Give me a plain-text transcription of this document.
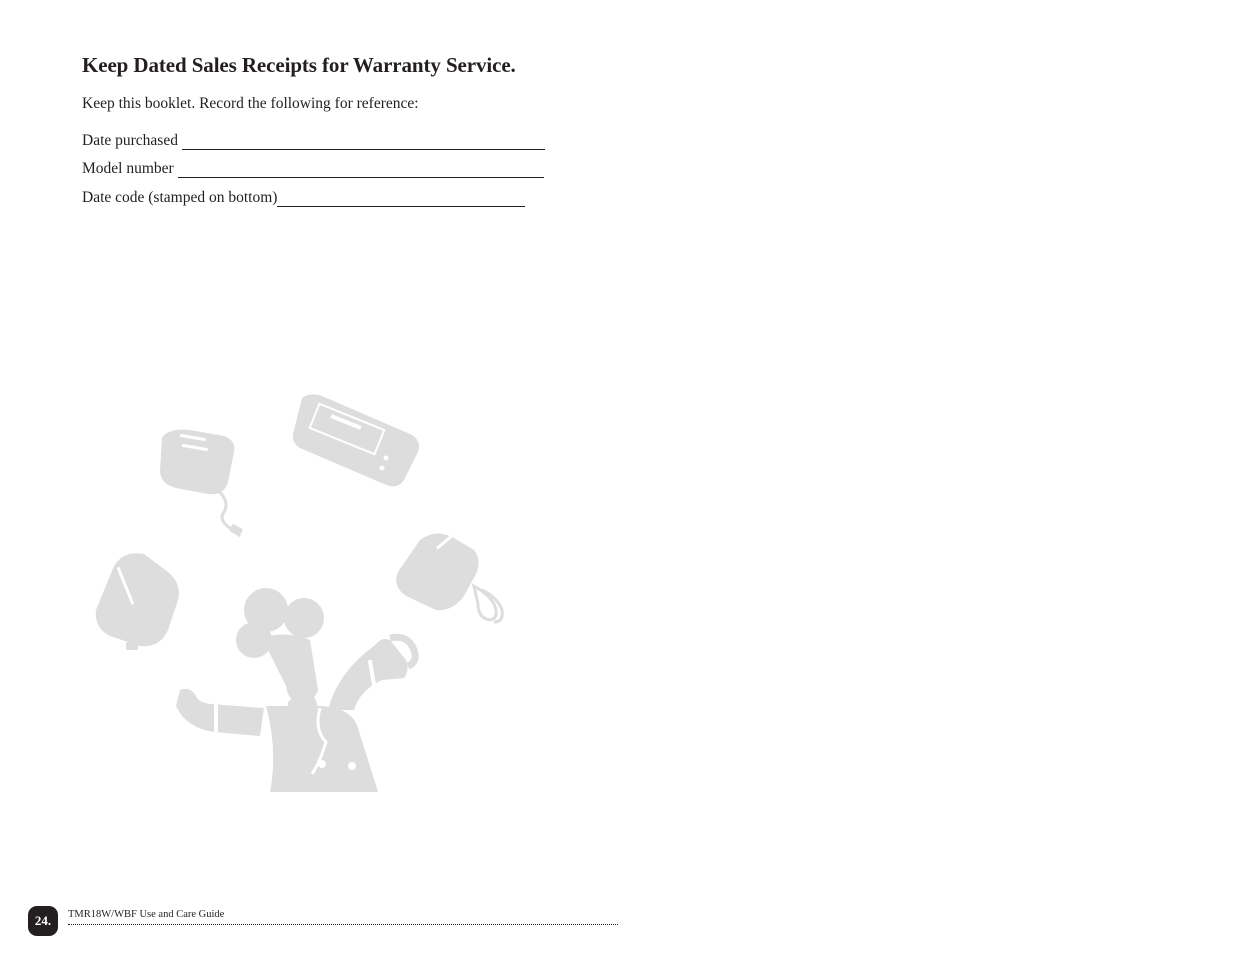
Keep Dated Sales Receipts for Warranty Service.
Keep this booklet. Record the following for reference:
Date purchased
Model number
Date code (stamped on bottom)
24.	TMR18W/WBF Use and Care Guide
